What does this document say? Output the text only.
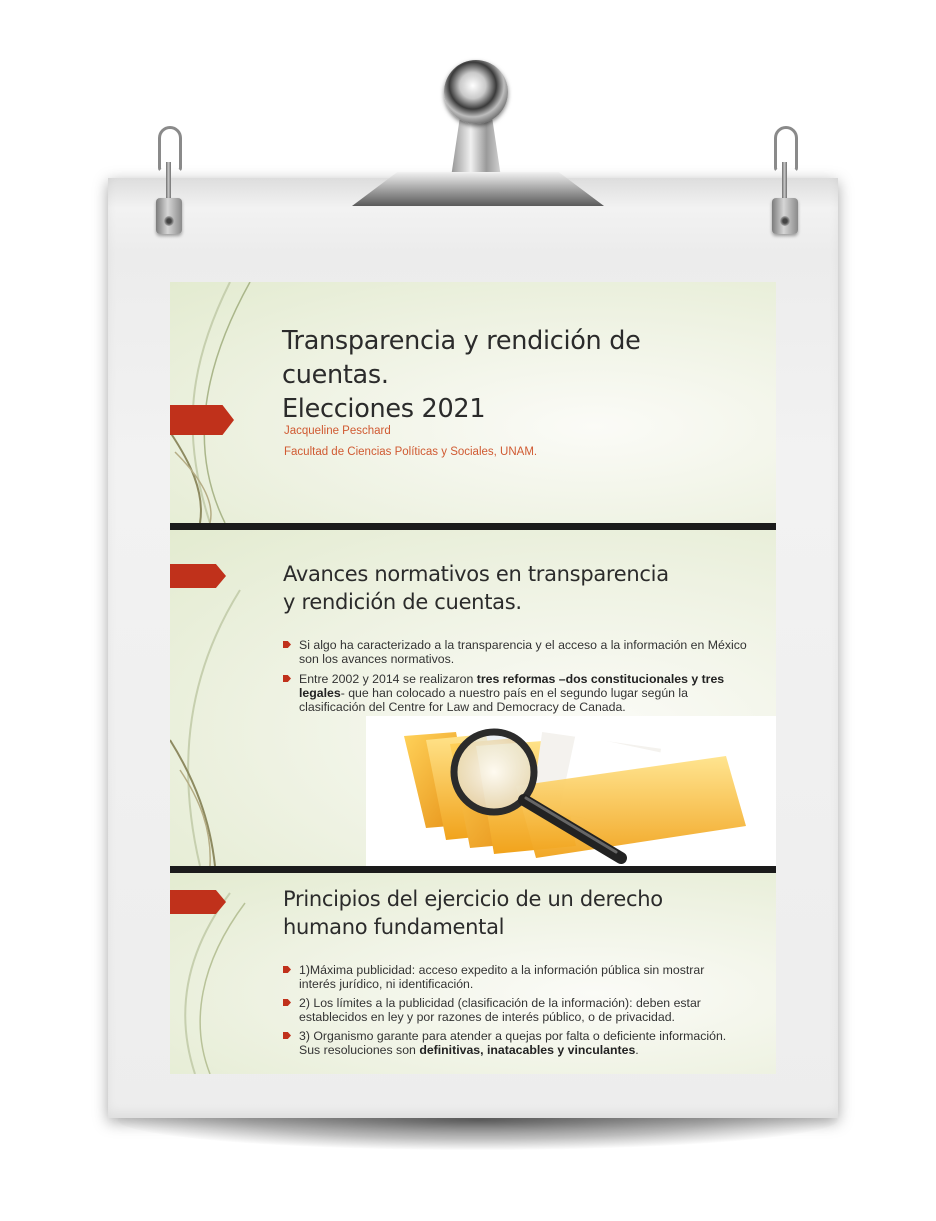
Transparencia y rendición de
cuentas.
Elecciones 2021
Jacqueline Peschard
Facultad de Ciencias Políticas y Sociales, UNAM.
Avances normativos en transparencia
y rendición de cuentas.
Si algo ha caracterizado a la transparencia y el acceso a la información en México son los avances normativos.
Entre 2002 y 2014 se realizaron tres reformas –dos constitucionales y tres legales- que han colocado a nuestro país en el segundo lugar según la clasificación del Centre for Law and Democracy de Canada.
Principios del ejercicio de un derecho
humano fundamental
1)Máxima publicidad: acceso expedito a la información pública sin mostrar interés jurídico, ni identificación.
2) Los límites a la publicidad (clasificación de la información): deben estar establecidos en ley y por razones de interés público, o de privacidad.
3) Organismo garante para atender a quejas por falta o deficiente información. Sus resoluciones son definitivas, inatacables y vinculantes.
